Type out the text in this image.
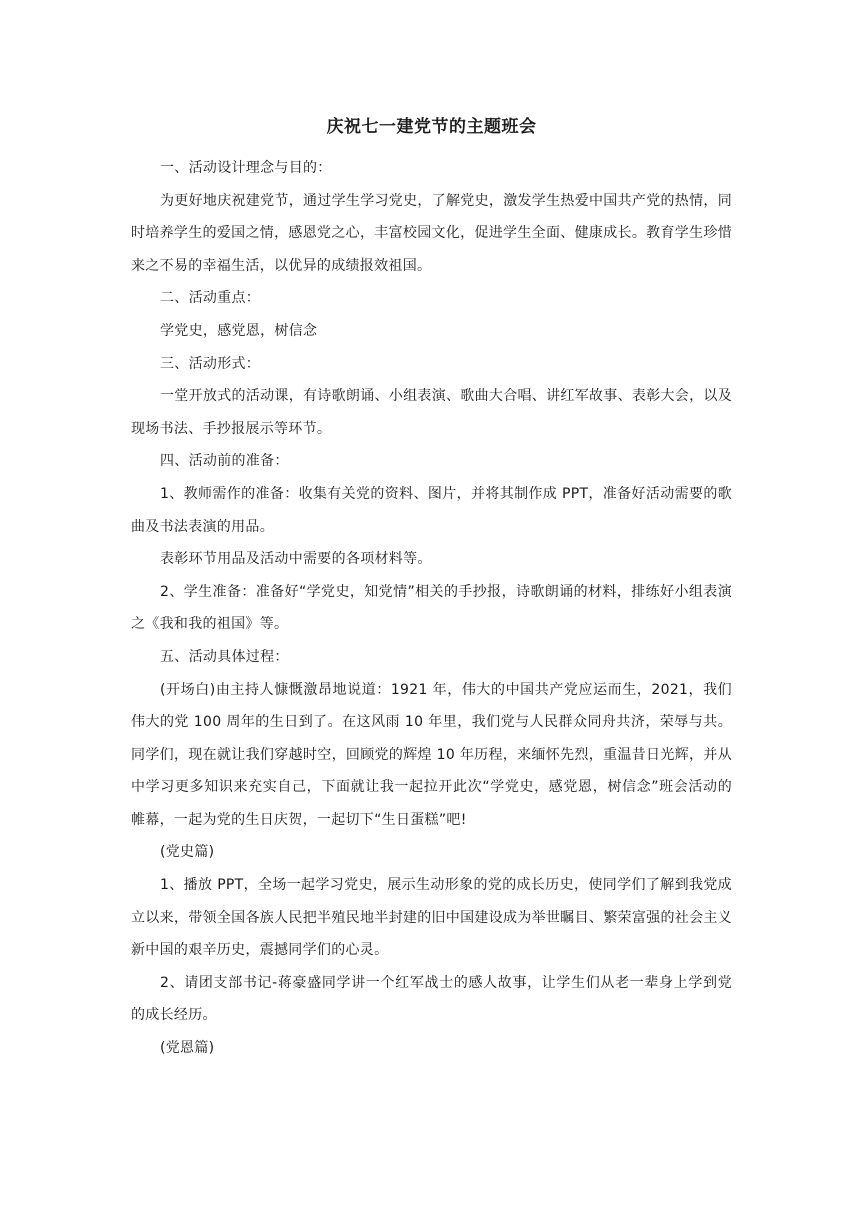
庆祝七一建党节的主题班会

一、活动设计理念与目的：

为更好地庆祝建党节，通过学生学习党史，了解党史，激发学生热爱中国共产党的热情，同时培养学生的爱国之情，感恩党之心，丰富校园文化，促进学生全面、健康成长。教育学生珍惜来之不易的幸福生活，以优异的成绩报效祖国。

二、活动重点：

学党史，感党恩，树信念

三、活动形式：

一堂开放式的活动课，有诗歌朗诵、小组表演、歌曲大合唱、讲红军故事、表彰大会，以及现场书法、手抄报展示等环节。

四、活动前的准备：

1、教师需作的准备：收集有关党的资料、图片，并将其制作成 PPT，准备好活动需要的歌曲及书法表演的用品。

表彰环节用品及活动中需要的各项材料等。

2、学生准备：准备好“学党史，知党情”相关的手抄报，诗歌朗诵的材料，排练好小组表演之《我和我的祖国》等。

五、活动具体过程：

(开场白)由主持人慷慨激昂地说道：1921 年，伟大的中国共产党应运而生，2021，我们伟大的党 100 周年的生日到了。在这风雨 10 年里，我们党与人民群众同舟共济，荣辱与共。同学们，现在就让我们穿越时空，回顾党的辉煌 10 年历程，来缅怀先烈，重温昔日光辉，并从中学习更多知识来充实自己，下面就让我一起拉开此次“学党史，感党恩，树信念”班会活动的帷幕，一起为党的生日庆贺，一起切下“生日蛋糕”吧!

(党史篇)

1、播放 PPT，全场一起学习党史，展示生动形象的党的成长历史，使同学们了解到我党成立以来，带领全国各族人民把半殖民地半封建的旧中国建设成为举世瞩目、繁荣富强的社会主义新中国的艰辛历史，震撼同学们的心灵。

2、请团支部书记-蒋豪盛同学讲一个红军战士的感人故事，让学生们从老一辈身上学到党的成长经历。

(党恩篇)
